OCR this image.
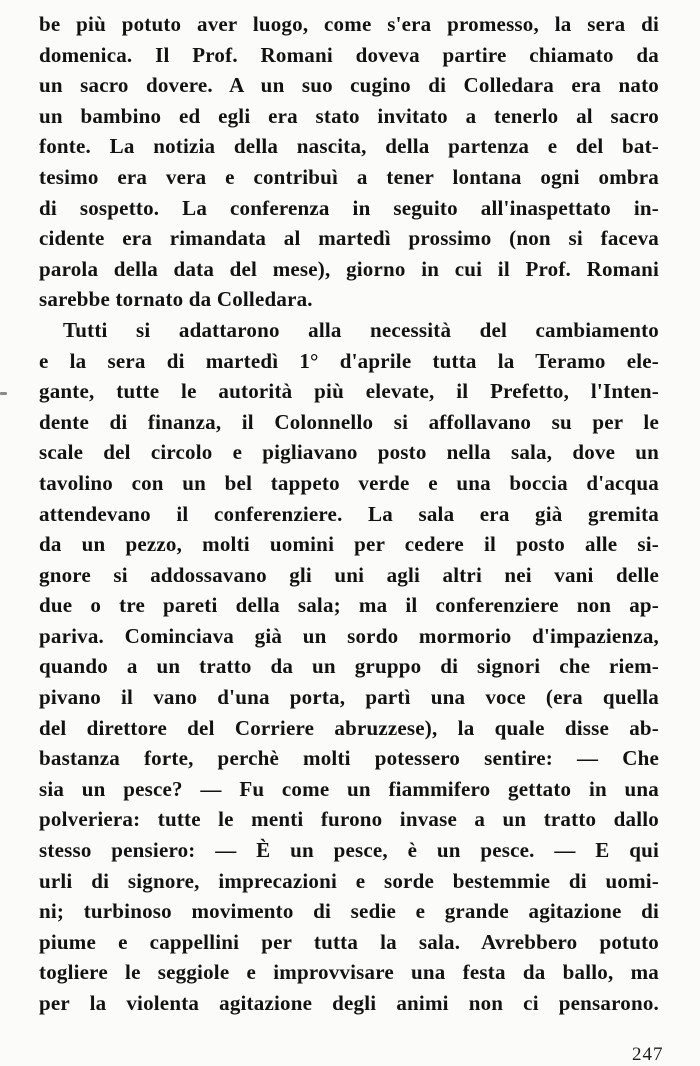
be più potuto aver luogo, come s'era promesso, la sera di
domenica. Il Prof. Romani doveva partire chiamato da
un sacro dovere. A un suo cugino di Colledara era nato
un bambino ed egli era stato invitato a tenerlo al sacro
fonte. La notizia della nascita, della partenza e del bat-
tesimo era vera e contribuì a tener lontana ogni ombra
di sospetto. La conferenza in seguito all'inaspettato in-
cidente era rimandata al martedì prossimo (non si faceva
parola della data del mese), giorno in cui il Prof. Romani
sarebbe tornato da Colledara.
Tutti si adattarono alla necessità del cambiamento
e la sera di martedì 1° d'aprile tutta la Teramo ele-
gante, tutte le autorità più elevate, il Prefetto, l'Inten-
dente di finanza, il Colonnello si affollavano su per le
scale del circolo e pigliavano posto nella sala, dove un
tavolino con un bel tappeto verde e una boccia d'acqua
attendevano il conferenziere. La sala era già gremita
da un pezzo, molti uomini per cedere il posto alle si-
gnore si addossavano gli uni agli altri nei vani delle
due o tre pareti della sala; ma il conferenziere non ap-
pariva. Cominciava già un sordo mormorio d'impazienza,
quando a un tratto da un gruppo di signori che riem-
pivano il vano d'una porta, partì una voce (era quella
del direttore del Corriere abruzzese), la quale disse ab-
bastanza forte, perchè molti potessero sentire: — Che
sia un pesce? — Fu come un fiammifero gettato in una
polveriera: tutte le menti furono invase a un tratto dallo
stesso pensiero: — È un pesce, è un pesce. — E qui
urli di signore, imprecazioni e sorde bestemmie di uomi-
ni; turbinoso movimento di sedie e grande agitazione di
piume e cappellini per tutta la sala. Avrebbero potuto
togliere le seggiole e improvvisare una festa da ballo, ma
per la violenta agitazione degli animi non ci pensarono.
247
